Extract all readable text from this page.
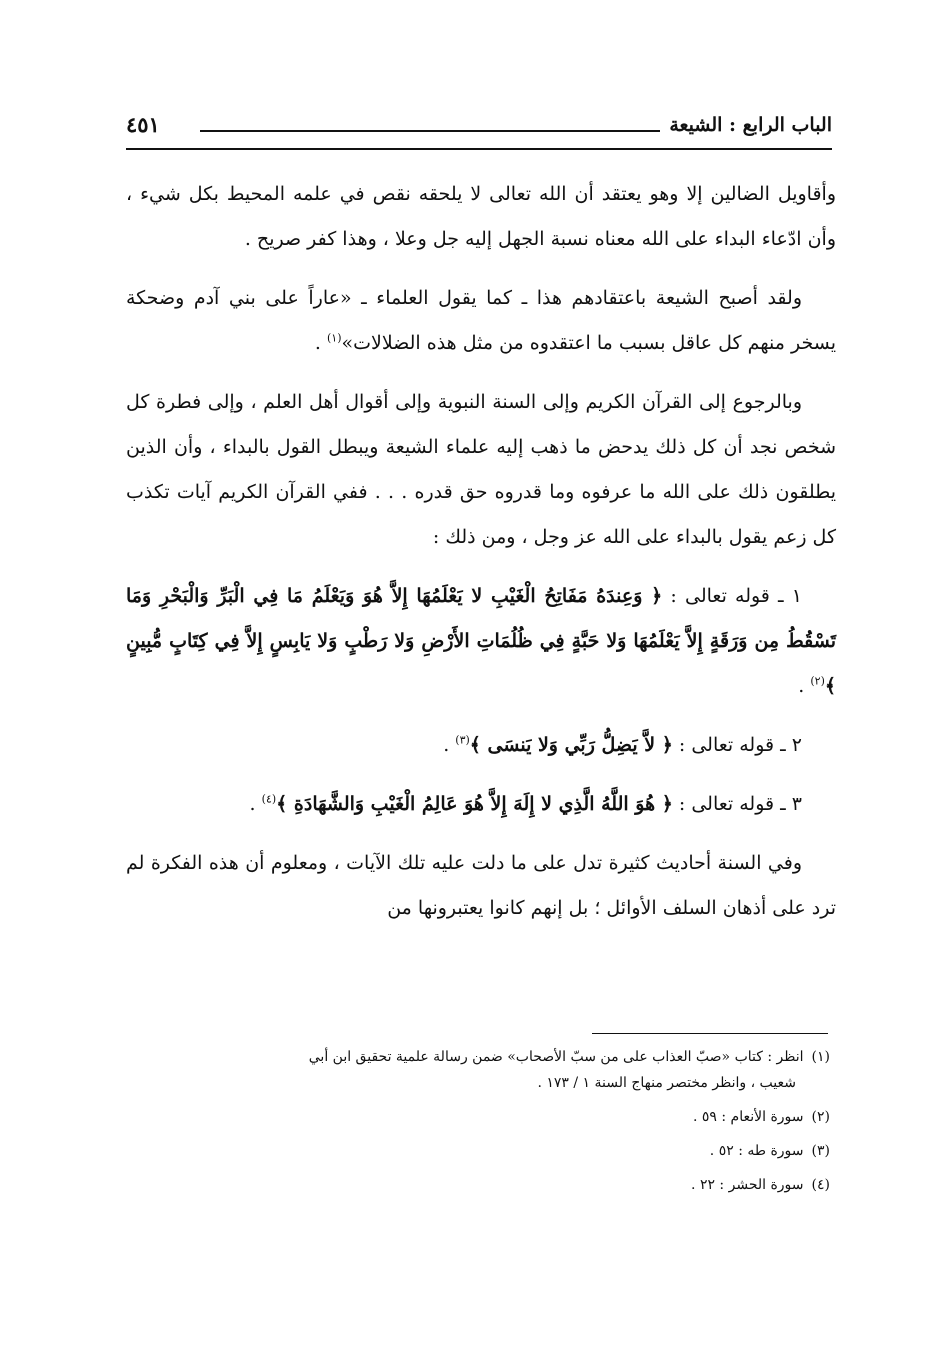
الباب الرابع : الشيعة
٤٥١

وأقاويل الضالين إلا وهو يعتقد أن الله تعالى لا يلحقه نقص في علمه المحيط بكل شيء ، وأن ادّعاء البداء على الله معناه نسبة الجهل إليه جل وعلا ، وهذا كفر صريح .

ولقد أصبح الشيعة باعتقادهم هذا ـ كما يقول العلماء ـ «عاراً على بني آدم وضحكة يسخر منهم كل عاقل بسبب ما اعتقدوه من مثل هذه الضلالات»$^{(١)}$ .

وبالرجوع إلى القرآن الكريم وإلى السنة النبوية وإلى أقوال أهل العلم ، وإلى فطرة كل شخص نجد أن كل ذلك يدحض ما ذهب إليه علماء الشيعة ويبطل القول بالبداء ، وأن الذين يطلقون ذلك على الله ما عرفوه وما قدروه حق قدره . . . ففي القرآن الكريم آيات تكذب كل زعم يقول بالبداء على الله عز وجل ، ومن ذلك :

١ ـ قوله تعالى : ﴿ وَعِندَهُ مَفَاتِحُ الْغَيْبِ لا يَعْلَمُهَا إِلاَّ هُوَ وَيَعْلَمُ مَا فِي الْبَرِّ وَالْبَحْرِ وَمَا تَسْقُطُ مِن وَرَقَةٍ إِلاَّ يَعْلَمُهَا وَلا حَبَّةٍ فِي ظُلُمَاتِ الأَرْضِ وَلا رَطْبٍ وَلا يَابِسٍ إِلاَّ فِي كِتَابٍ مُّبِينٍ ﴾$^{(٢)}$ .

٢ ـ قوله تعالى : ﴿ لاَّ يَضِلُّ رَبِّي وَلا يَنسَى ﴾$^{(٣)}$ .

٣ ـ قوله تعالى : ﴿ هُوَ اللَّهُ الَّذِي لا إِلَهَ إِلاَّ هُوَ عَالِمُ الْغَيْبِ وَالشَّهَادَةِ ﴾$^{(٤)}$ .

وفي السنة أحاديث كثيرة تدل على ما دلت عليه تلك الآيات ، ومعلوم أن هذه الفكرة لم ترد على أذهان السلف الأوائل ؛ بل إنهم كانوا يعتبرونها من

(١)انظر : كتاب «صبّ العذاب على من سبّ الأصحاب» ضمن رسالة علمية تحقيق ابن أبي
شعيب ، وانظر مختصر منهاج السنة ١ / ١٧٣ .
(٢)سورة الأنعام : ٥٩ .
(٣)سورة طه : ٥٢ .
(٤)سورة الحشر : ٢٢ .
